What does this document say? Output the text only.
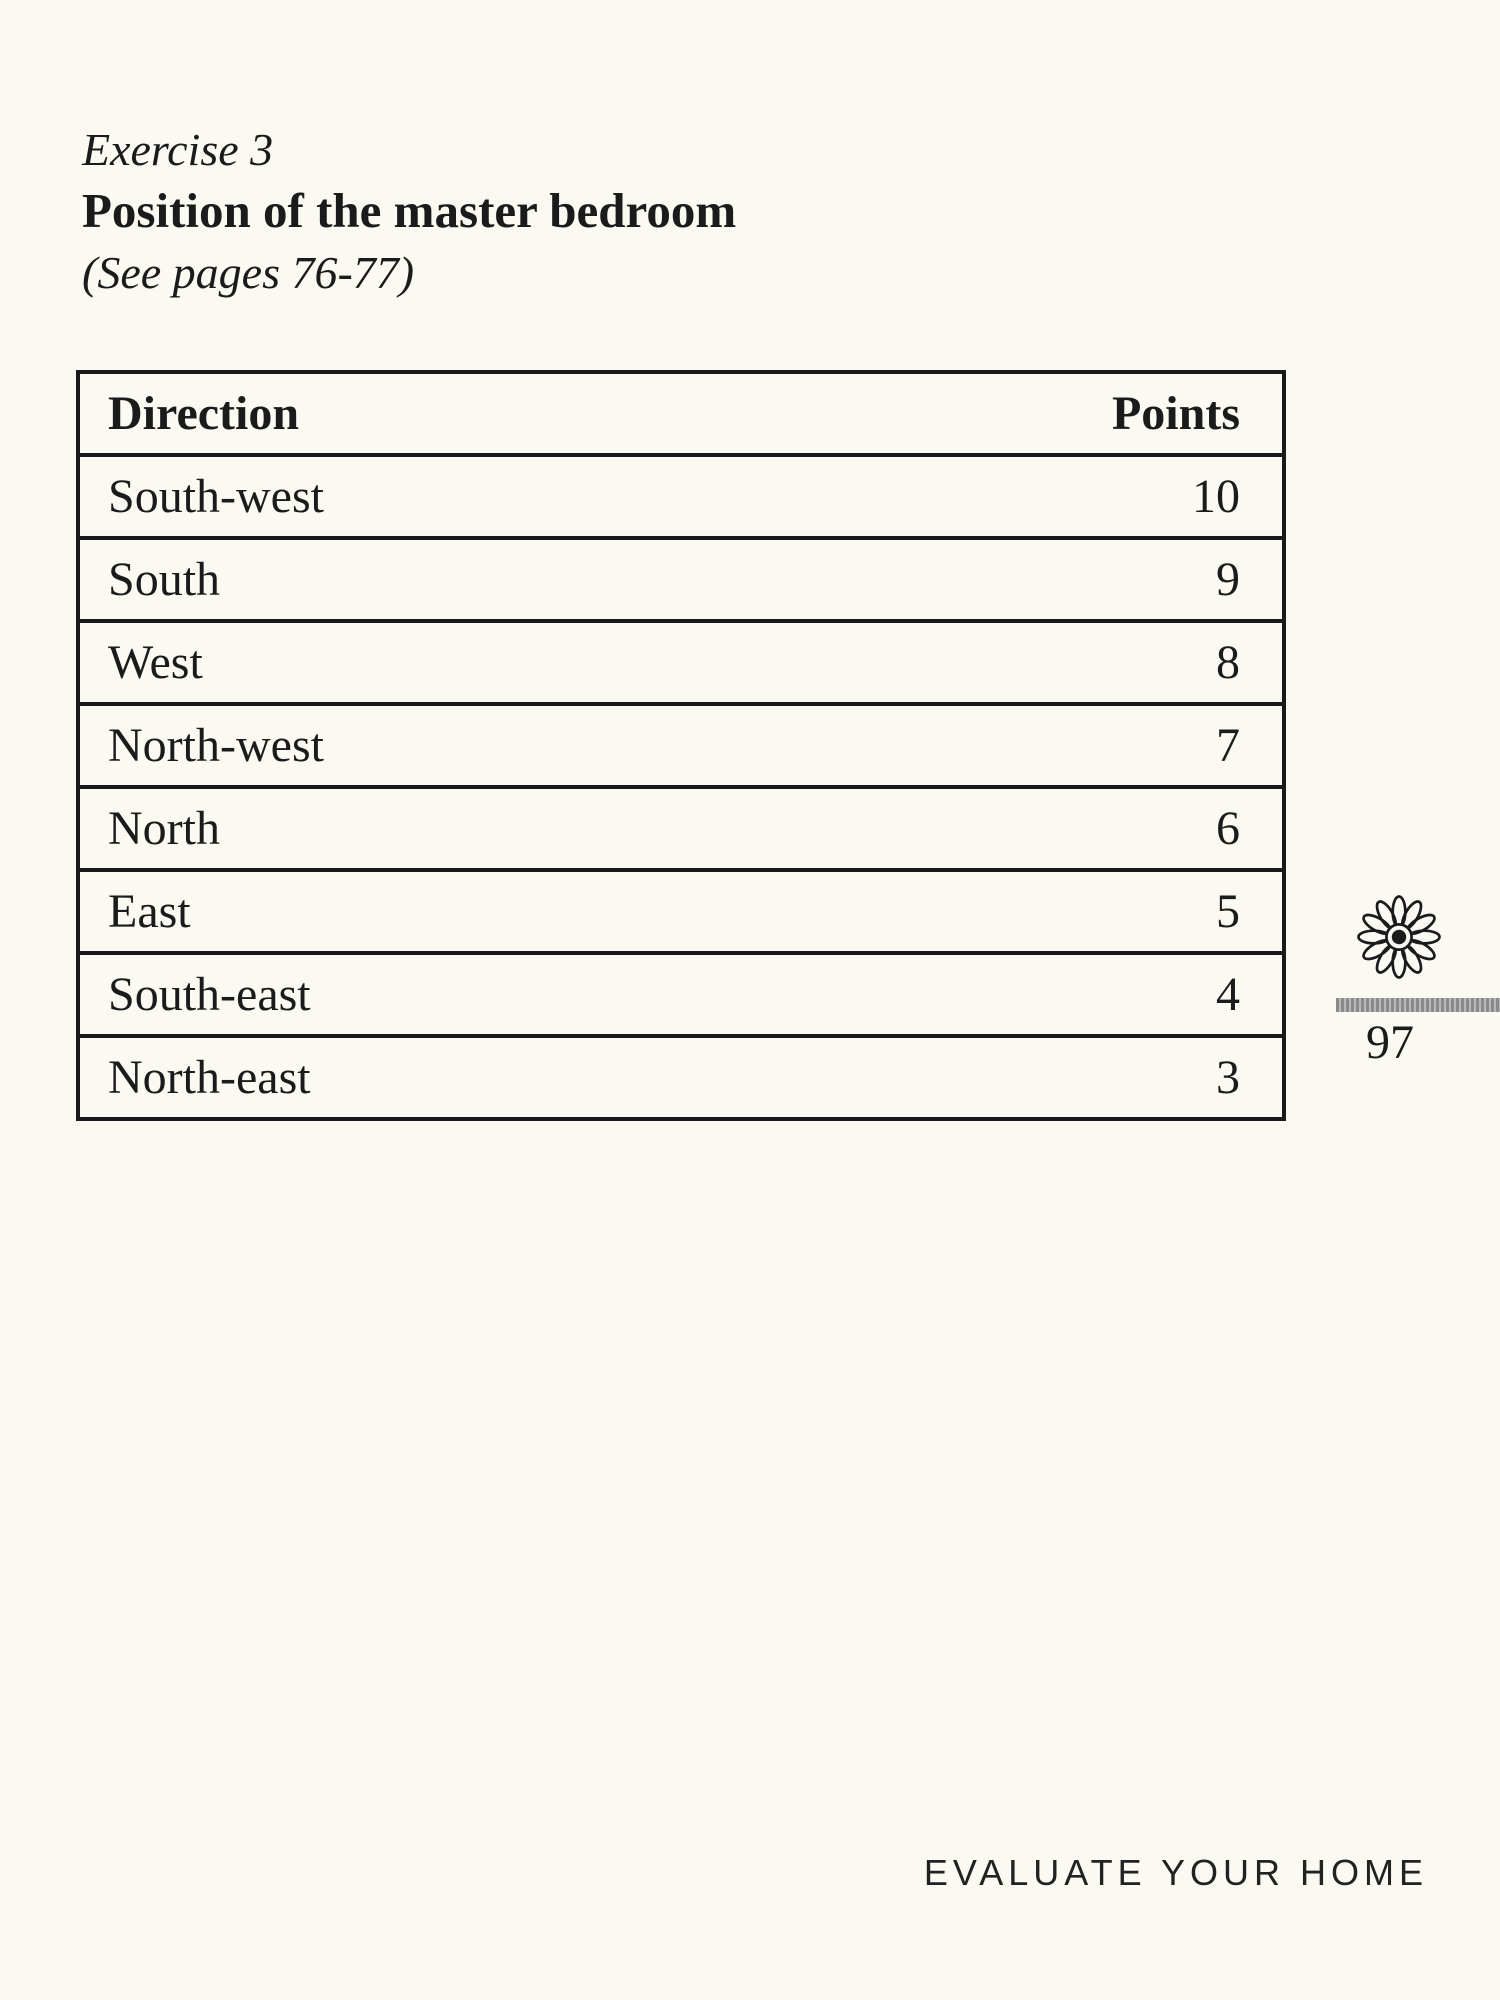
Exercise 3

Position of the master bedroom

(See pages 76-77)

Direction	Points
South-west	10
South	9
West	8
North-west	7
North	6
East	5
South-east	4
North-east	3
97
EVALUATE YOUR HOME
